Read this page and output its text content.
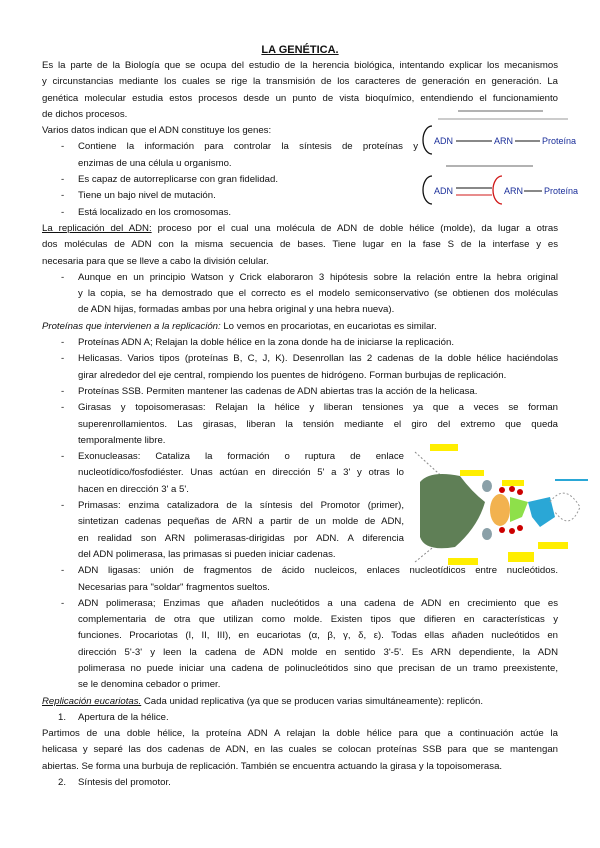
LA GENÉTICA.
Es la parte de la Biología que se ocupa del estudio de la herencia biológica, intentando explicar los mecanismos
y circunstancias mediante los cuales se rige la transmisión de los caracteres de generación en generación. La
genética molecular estudia estos procesos desde un punto de vista bioquímico, entendiendo el funcionamiento
de dichos procesos.
Varios datos indican que el ADN constituye los genes:
- Contiene la información para controlar la síntesis de proteínas y
enzimas de una célula u organismo.
- Es capaz de autorreplicarse con gran fidelidad.
- Tiene un bajo nivel de mutación.
- Está localizado en los cromosomas.
La replicación del ADN: proceso por el cual una molécula de ADN de doble hélice (molde), da lugar a otras
dos moléculas de ADN con la misma secuencia de bases. Tiene lugar en la fase S de la interfase y es
necesaria para que se lleve a cabo la división celular.
- Aunque en un principio Watson y Crick elaboraron 3 hipótesis sobre la relación entre la hebra original
y la copia, se ha demostrado que el correcto es el modelo semiconservativo (se obtienen dos moléculas
de ADN hijas, formadas ambas por una hebra original y una hebra nueva).
Proteínas que intervienen a la replicación: Lo vemos en procariotas, en eucariotas es similar.
- Proteínas ADN A; Relajan la doble hélice en la zona donde ha de iniciarse la replicación.
- Helicasas. Varios tipos (proteínas B, C, J, K). Desenrollan las 2 cadenas de la doble hélice haciéndolas
girar alrededor del eje central, rompiendo los puentes de hidrógeno. Forman burbujas de replicación.
- Proteínas SSB. Permiten mantener las cadenas de ADN abiertas tras la acción de la helicasa.
- Girasas y topoisomerasas: Relajan la hélice y liberan tensiones ya que a veces se forman
superenrollamientos. Las girasas, liberan la tensión mediante el giro del extremo que queda
temporalmente libre.
- Exonucleasas: Cataliza la formación o ruptura de enlace
nucleotídico/fosfodiéster. Unas actúan en dirección 5' a 3' y otras lo
hacen en dirección 3' a 5'.
- Primasas: enzima catalizadora de la síntesis del Promotor (primer),
sintetizan cadenas pequeñas de ARN a partir de un molde de ADN,
en realidad son ARN polimerasas-dirigidas por ADN. A diferencia
del ADN polimerasa, las primasas si pueden iniciar cadenas.
- ADN ligasas: unión de fragmentos de ácido nucleicos, enlaces nucleotídicos entre nucleótidos.
Necesarias para "soldar" fragmentos sueltos.
- ADN polimerasa; Enzimas que añaden nucleótidos a una cadena de ADN en crecimiento que es
complementaria de otra que utilizan como molde. Existen tipos que difieren en características y
funciones. Procariotas (I, II, III), en eucariotas (α, β, γ, δ, ε). Todas ellas añaden nucleótidos en
dirección 5'-3' y leen la cadena de ADN molde en sentido 3'-5'. Es ARN dependiente, la ADN
polimerasa no puede iniciar una cadena de polinucleótidos sino que precisan de un tramo preexistente,
se le denomina cebador o primer.
Replicación eucariotas. Cada unidad replicativa (ya que se producen varias simultáneamente): replicón.
1. Apertura de la hélice.
Partimos de una doble hélice, la proteína ADN A relajan la doble hélice para que a continuación actúe la
helicasa y separé las dos cadenas de ADN, en las cuales se colocan proteínas SSB para que se mantengan
abiertas. Se forma una burbuja de replicación. También se encuentra actuando la girasa y la topoisomerasa.
2. Síntesis del promotor.
ADN	ARN	Proteína
ADN	ARN Proteína
